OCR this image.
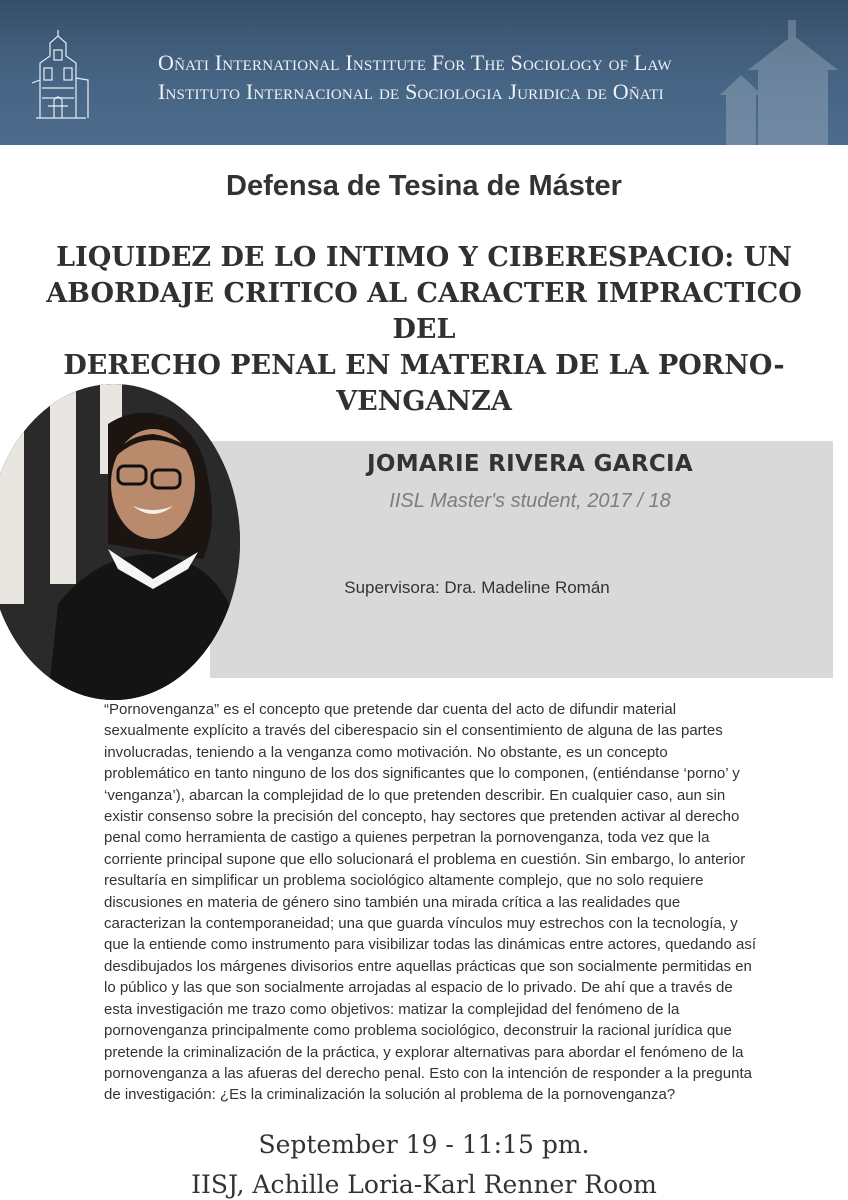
Oñati International Institute For The Sociology of Law
Instituto Internacional de Sociologia Juridica de Oñati
Defensa de Tesina de Máster
LIQUIDEZ DE LO INTIMO Y CIBERESPACIO: UN
ABORDAJE CRITICO AL CARACTER IMPRACTICO DEL
DERECHO PENAL EN MATERIA DE LA PORNO-
VENGANZA
JOMARIE RIVERA GARCIA
IISL Master's student, 2017 / 18
Supervisora: Dra. Madeline Román
“Pornovenganza” es el concepto que pretende dar cuenta del acto de difundir material
sexualmente explícito a través del ciberespacio sin el consentimiento de alguna de las partes
involucradas, teniendo a la venganza como motivación. No obstante, es un concepto
problemático en tanto ninguno de los dos significantes que lo componen, (entiéndanse ‘porno’ y
‘venganza’), abarcan la complejidad de lo que pretenden describir. En cualquier caso, aun sin
existir consenso sobre la precisión del concepto, hay sectores que pretenden activar al derecho
penal como herramienta de castigo a quienes perpetran la pornovenganza, toda vez que la
corriente principal supone que ello solucionará el problema en cuestión. Sin embargo, lo anterior
resultaría en simplificar un problema sociológico altamente complejo, que no solo requiere
discusiones en materia de género sino también una mirada crítica a las realidades que
caracterizan la contemporaneidad; una que guarda vínculos muy estrechos con la tecnología, y
que la entiende como instrumento para visibilizar todas las dinámicas entre actores, quedando así
desdibujados los márgenes divisorios entre aquellas prácticas que son socialmente permitidas en
lo público y las que son socialmente arrojadas al espacio de lo privado. De ahí que a través de
esta investigación me trazo como objetivos: matizar la complejidad del fenómeno de la
pornovenganza principalmente como problema sociológico, deconstruir la racional jurídica que
pretende la criminalización de la práctica, y explorar alternativas para abordar el fenómeno de la
pornovenganza a las afueras del derecho penal. Esto con la intención de responder a la pregunta
de investigación: ¿Es la criminalización la solución al problema de la pornovenganza?
September 19 - 11:15 pm.
IISJ, Achille Loria-Karl Renner Room
